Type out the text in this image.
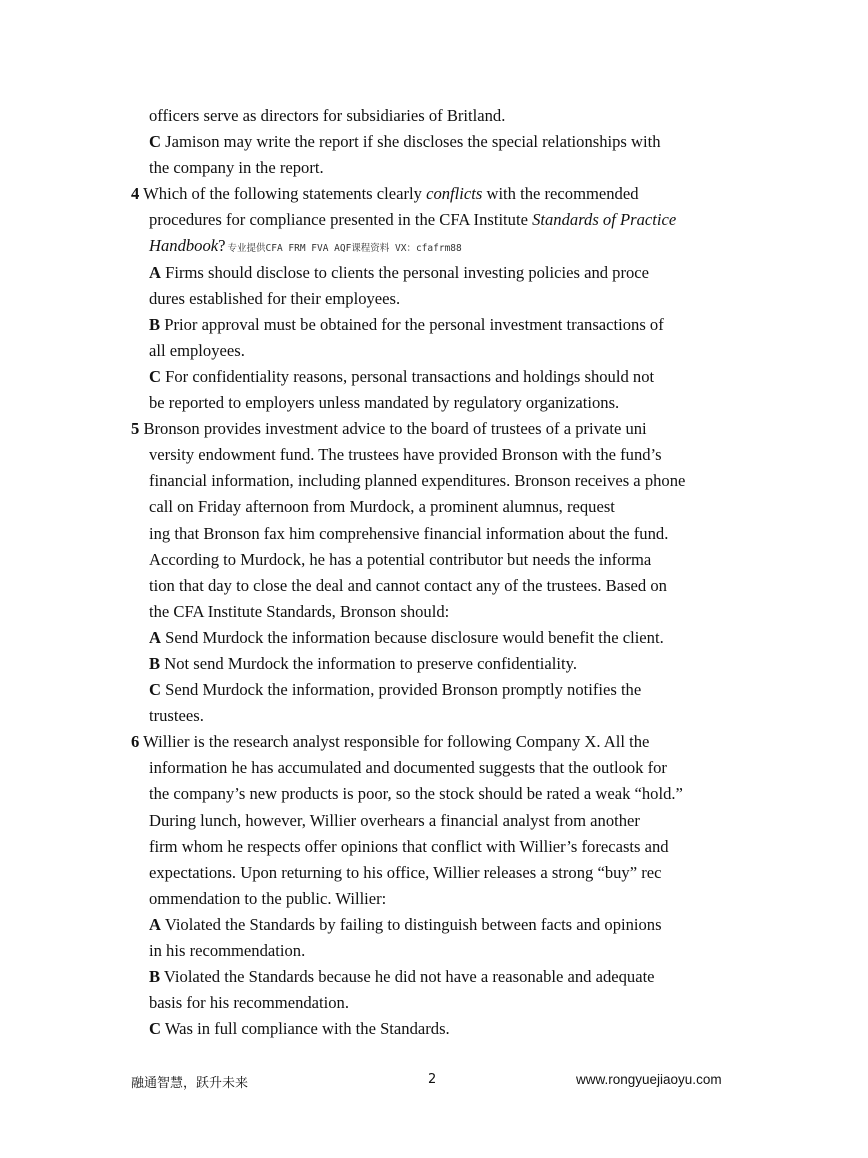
officers serve as directors for subsidiaries of Britland.
C Jamison may write the report if she discloses the special relationships with
the company in the report.
4 Which of the following statements clearly conflicts with the recommended
procedures for compliance presented in the CFA Institute Standards of Practice
Handbook? 专业提供CFA FRM FVA AQF课程资料 VX：cfafrm88
A Firms should disclose to clients the personal investing policies and proce
dures established for their employees.
B Prior approval must be obtained for the personal investment transactions of
all employees.
C For confidentiality reasons, personal transactions and holdings should not
be reported to employers unless mandated by regulatory organizations.
5 Bronson provides investment advice to the board of trustees of a private uni
versity endowment fund. The trustees have provided Bronson with the fund’s
financial information, including planned expenditures. Bronson receives a phone
call on Friday afternoon from Murdock, a prominent alumnus, request
ing that Bronson fax him comprehensive financial information about the fund.
According to Murdock, he has a potential contributor but needs the informa
tion that day to close the deal and cannot contact any of the trustees. Based on
the CFA Institute Standards, Bronson should:
A Send Murdock the information because disclosure would benefit the client.
B Not send Murdock the information to preserve confidentiality.
C Send Murdock the information, provided Bronson promptly notifies the
trustees.
6 Willier is the research analyst responsible for following Company X. All the
information he has accumulated and documented suggests that the outlook for
the company’s new products is poor, so the stock should be rated a weak “hold.”
During lunch, however, Willier overhears a financial analyst from another
firm whom he respects offer opinions that conflict with Willier’s forecasts and
expectations. Upon returning to his office, Willier releases a strong “buy” rec
ommendation to the public. Willier:
A Violated the Standards by failing to distinguish between facts and opinions
in his recommendation.
B Violated the Standards because he did not have a reasonable and adequate
basis for his recommendation.
C Was in full compliance with the Standards.
融通智慧，跃升未来	2	www.rongyuejiaoyu.com
